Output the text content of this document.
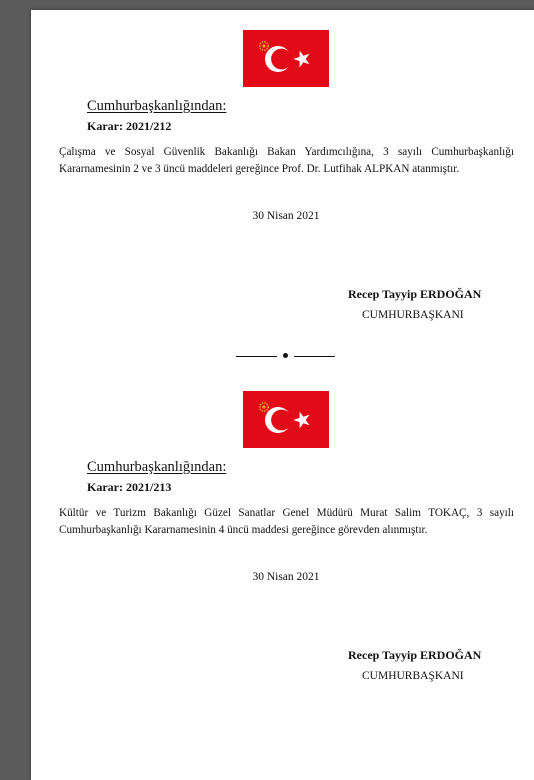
Cumhurbaşkanlığından:
Karar: 2021/212
Çalışma ve Sosyal Güvenlik Bakanlığı Bakan Yardımcılığına, 3 sayılı Cumhurbaşkanlığı Kararnamesinin 2 ve 3 üncü maddeleri gereğince Prof. Dr. Lutfihak ALPKAN atanmıştır.
30 Nisan 2021
Recep Tayyip ERDOĞAN
CUMHURBAŞKANI
Cumhurbaşkanlığından:
Karar: 2021/213
Kültür ve Turizm Bakanlığı Güzel Sanatlar Genel Müdürü Murat Salim TOKAÇ, 3 sayılı Cumhurbaşkanlığı Kararnamesinin 4 üncü maddesi gereğince görevden alınmıştır.
30 Nisan 2021
Recep Tayyip ERDOĞAN
CUMHURBAŞKANI
